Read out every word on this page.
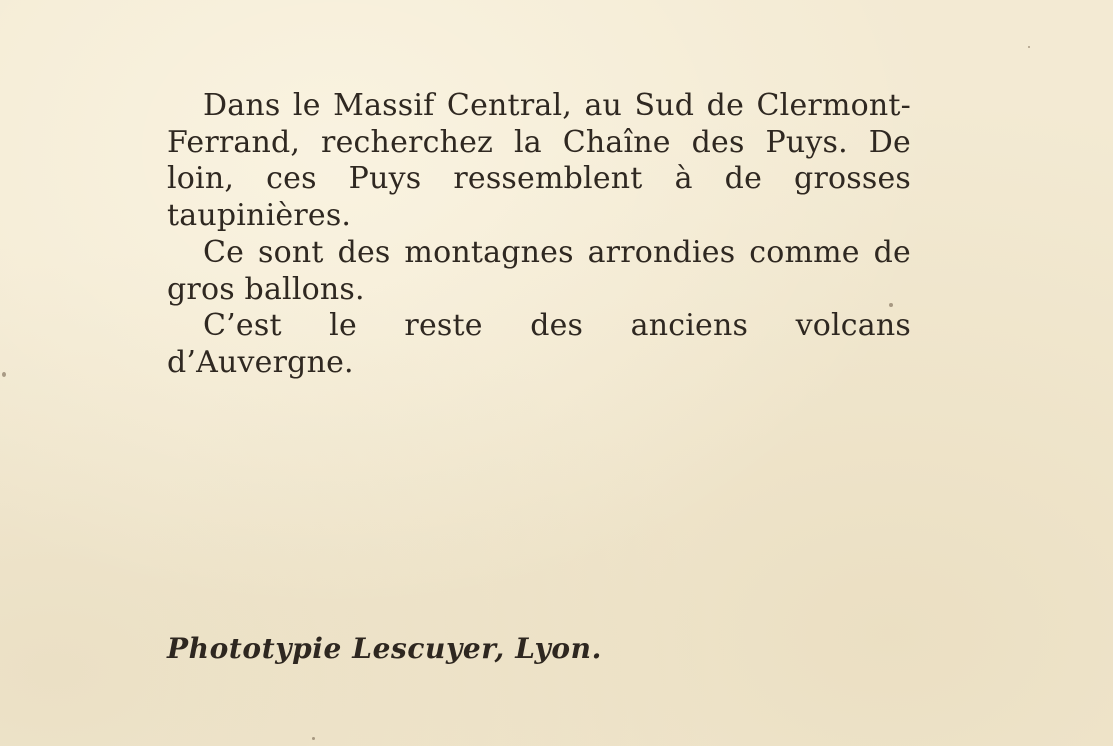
Dans le Massif Central, au Sud de Clermont-Ferrand, recherchez la Chaîne des Puys. De loin, ces Puys ressemblent à de grosses taupinières.

Ce sont des montagnes arrondies comme de gros ballons.

C’est le reste des anciens volcans d’Auvergne.

Phototypie Lescuyer, Lyon.
